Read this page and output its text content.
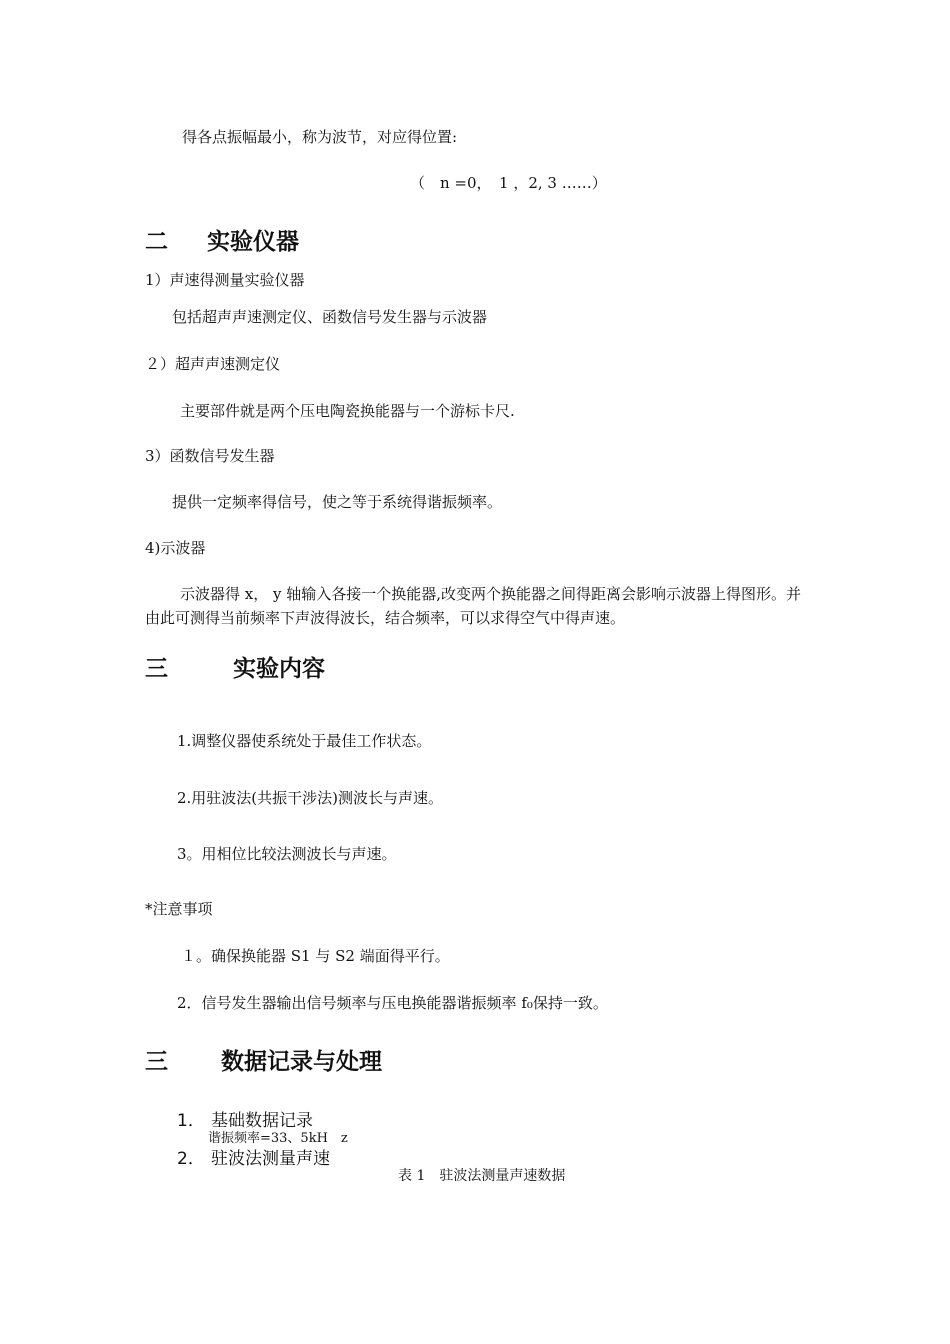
得各点振幅最小，称为波节，对应得位置:
（　n =0，　1 ，2, 3 ……）
二 实验仪器
1）声速得测量实验仪器
包括超声声速测定仪、函数信号发生器与示波器
２）超声声速测定仪
主要部件就是两个压电陶瓷换能器与一个游标卡尺.
3）函数信号发生器
提供一定频率得信号，使之等于系统得谐振频率。
4)示波器
示波器得 x， y 轴输入各接一个换能器,改变两个换能器之间得距离会影响示波器上得图形。并由此可测得当前频率下声波得波长，结合频率，可以求得空气中得声速。
三	实验内容
1.调整仪器使系统处于最佳工作状态。
2.用驻波法(共振干涉法)测波长与声速。
3。用相位比较法测波长与声速。
*注意事项
１。确保换能器 S1 与 S2 端面得平行。
2．信号发生器输出信号频率与压电换能器谐振频率 f₀保持一致。
三 数据记录与处理
1． 基础数据记录
谐振频率=33、5kH　z
2． 驻波法测量声速
表 1　驻波法测量声速数据
